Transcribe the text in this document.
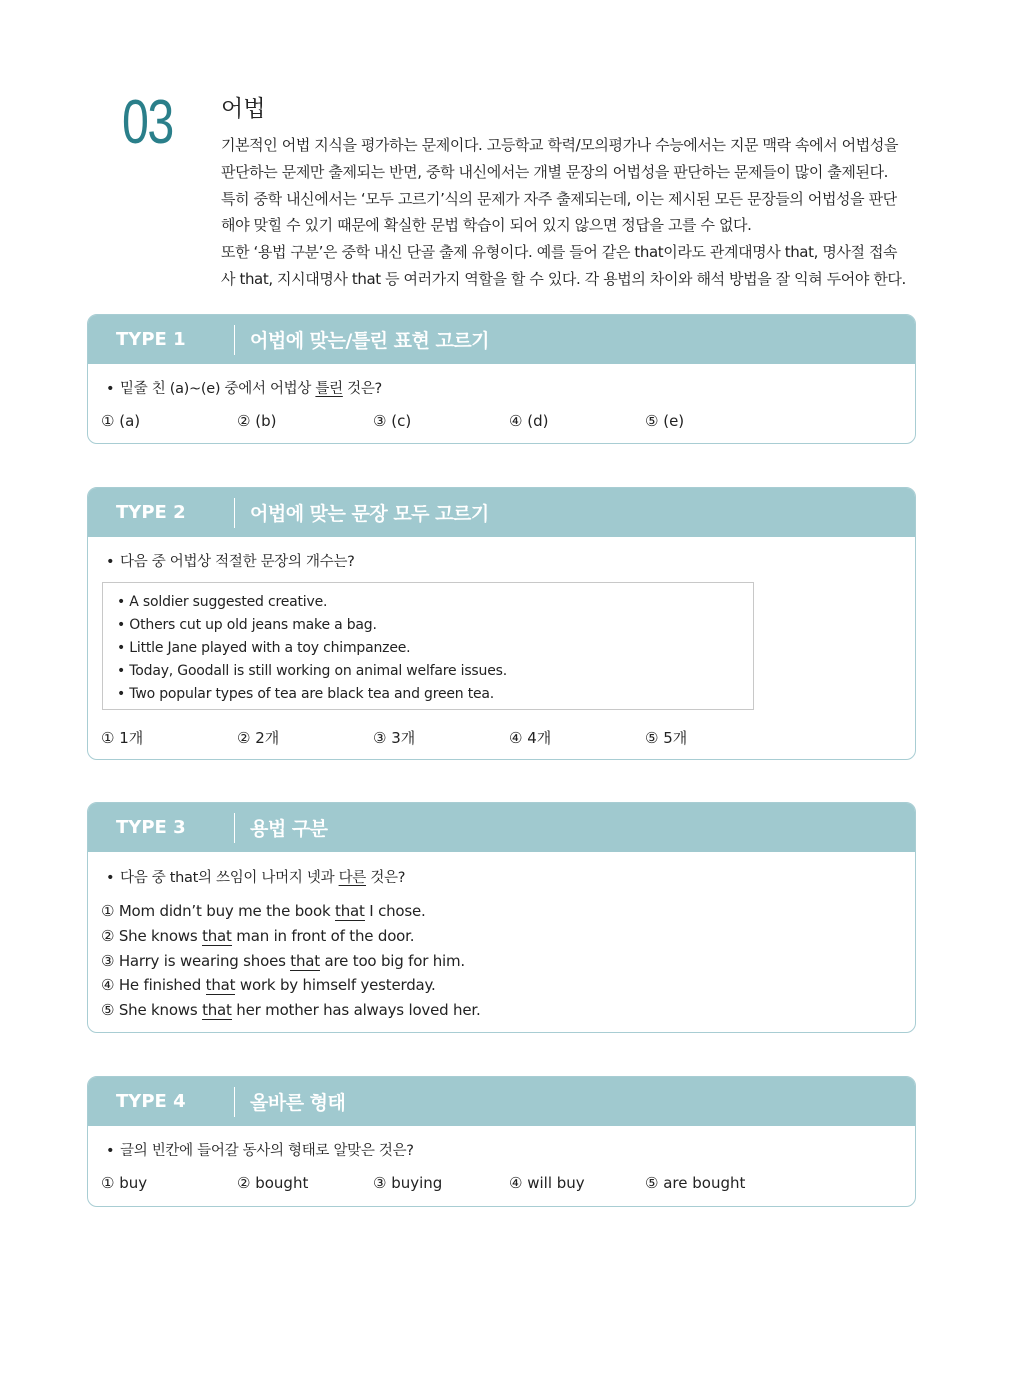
03 어법

기본적인 어법 지식을 평가하는 문제이다. 고등학교 학력/모의평가나 수능에서는 지문 맥락 속에서 어법성을

판단하는 문제만 출제되는 반면, 중학 내신에서는 개별 문장의 어법성을 판단하는 문제들이 많이 출제된다.

특히 중학 내신에서는 ‘모두 고르기’식의 문제가 자주 출제되는데, 이는 제시된 모든 문장들의 어법성을 판단

해야 맞힐 수 있기 때문에 확실한 문법 학습이 되어 있지 않으면 정답을 고를 수 없다.

또한 ‘용법 구분’은 중학 내신 단골 출제 유형이다. 예를 들어 같은 that이라도 관계대명사 that, 명사절 접속

사 that, 지시대명사 that 등 여러가지 역할을 할 수 있다. 각 용법의 차이와 해석 방법을 잘 익혀 두어야 한다.

TYPE 1	어법에 맞는/틀린 표현 고르기
• 밑줄 친 (a)~(e) 중에서 어법상 틀린 것은?
① (a)	② (b)	③ (c)	④ (d)	⑤ (e)
TYPE 2	어법에 맞는 문장 모두 고르기
• 다음 중 어법상 적절한 문장의 개수는?
• A soldier suggested creative.
• Others cut up old jeans make a bag.
• Little Jane played with a toy chimpanzee.
• Today, Goodall is still working on animal welfare issues.
• Two popular types of tea are black tea and green tea.
① 1개	② 2개	③ 3개	④ 4개	⑤ 5개
TYPE 3	용법 구분
• 다음 중 that의 쓰임이 나머지 넷과 다른 것은?
① Mom didn’t buy me the book that I chose.
② She knows that man in front of the door.
③ Harry is wearing shoes that are too big for him.
④ He finished that work by himself yesterday.
⑤ She knows that her mother has always loved her.
TYPE 4	올바른 형태
• 글의 빈칸에 들어갈 동사의 형태로 알맞은 것은?
① buy	② bought	③ buying	④ will buy	⑤ are bought
